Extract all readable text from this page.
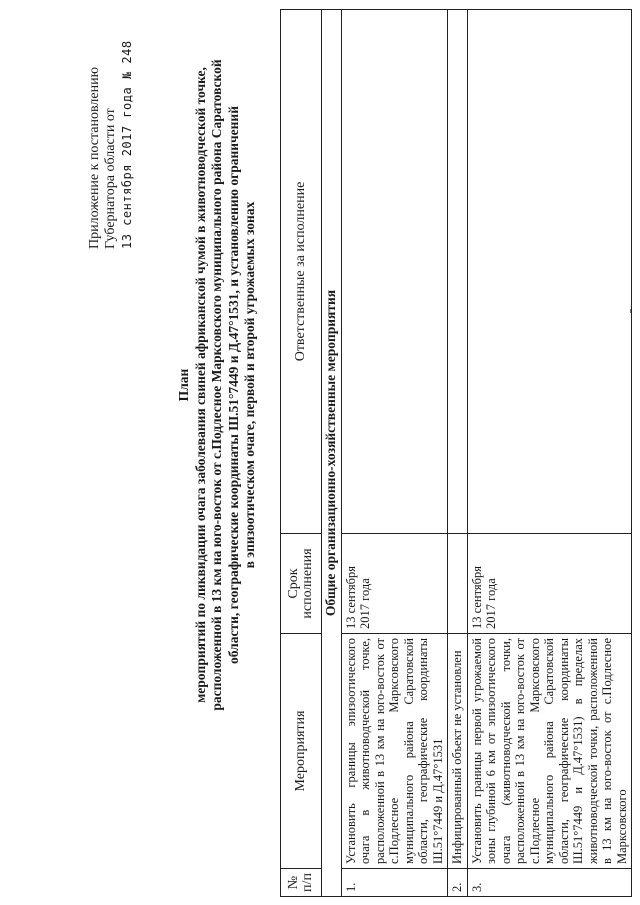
Приложение к постановлению Губернатора области от 13 сентября 2017 года № 248
План мероприятий по ликвидации очага заболевания свиней африканской чумой в животноводческой точке, расположенной в 13 км на юго-восток от с.Подлесное Марксовского муниципального района Саратовской области, географические координаты Ш.51°7449 и Д.47°1531, и установлению ограничений в эпизоотическом очаге, первой и второй угрожаемых зонах
№ п/п	Мероприятия	Срок исполнения	Ответственные за исполнение
Общие организационно-хозяйственные мероприятия			
1.	Установить границы эпизоотического очага в животноводческой точке, расположенной в 13 км на юго-восток от с.Подлесное Марксовского муниципального района Саратовской области, географические координаты Ш.51°7449 и Д.47°1531	13 сентября 2017 года	
2.	Инфицированный объект не установлен		
3.	Установить границы первой угрожаемой зоны глубиной 6 км от эпизоотического очага (животноводческой точки, расположенной в 13 км на юго-восток от с.Подлесное Марксовского муниципального района Саратовской области, географические координаты Ш.51°7449 и Д.47°1531) в пределах животноводческой точки, расположенной в 13 км на юго-восток от с.Подлесное Марксовского	13 сентября 2017 года	
